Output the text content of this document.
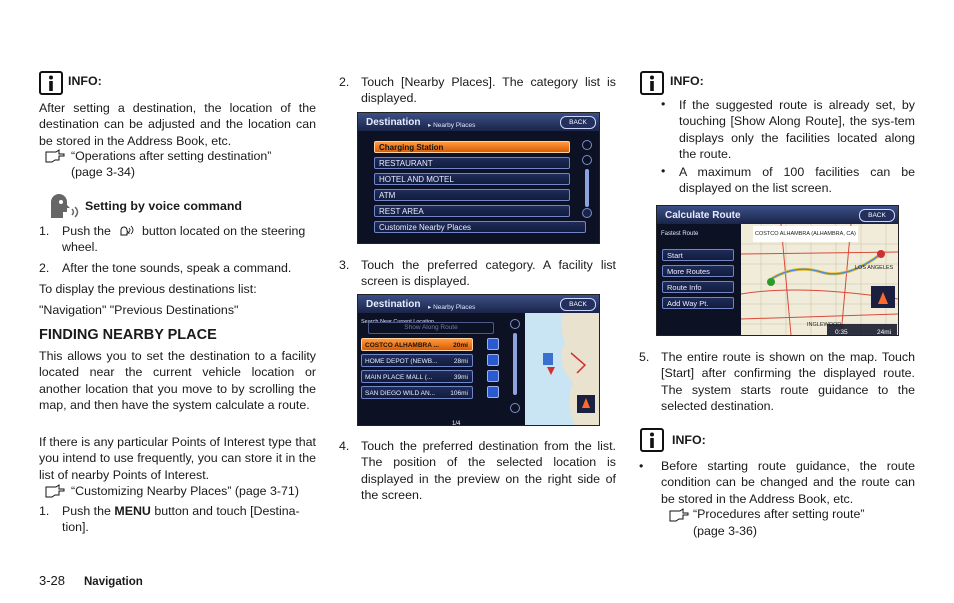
INFO:

After setting a destination, the location of the destination can be adjusted and the location can be stored in the Address Book, etc.

“Operations after setting destination”
(page 3-34)
Setting by voice command
1. Push the	button located on the steering
wheel.
2. After the tone sounds, speak a command.
To display the previous destinations list:
"Navigation" "Previous Destinations"
FINDING NEARBY PLACE

This allows you to set the destination to a facility located near the current vehicle location or another location that you move to by scrolling the map, and then have the system calculate a route.

If there is any particular Points of Interest type that you intend to use frequently, you can store it in the list of nearby Points of Interest.

“Customizing Nearby Places” (page 3-71)
1. Push the MENU button and touch [Destina-
tion].
2. Touch [Nearby Places]. The category list is displayed.

Destination ▸ Nearby Places	BACK
Charging Station
RESTAURANT
HOTEL AND MOTEL
ATM
REST AREA
Customize Nearby Places
3. Touch the preferred category. A facility list screen is displayed.

Destination ▸ Nearby Places	BACK
Search Near Current Location
Show Along Route
COSTCO ALHAMBRA ... 20mi
HOME DEPOT (NEWB...	28mi
MAIN PLACE MALL (...	39mi
SAN DIEGO WILD AN... 106mi
1/4
4. Touch the preferred destination from the list. The position of the selected location is displayed in the preview on the right side of the screen.

INFO:
• If the suggested route is already set, by touching [Show Along Route], the sys-tem displays only the facilities located along the route.

• A maximum of 100 facilities can be displayed on the list screen.

Calculate Route	BACK
Fastest Route
Start
More Routes
Route Info
Add Way Pt.
COSTCO ALHAMBRA (ALHAMBRA, CA)
INGLEWOOD
LOS ANGELES
0:35	24mi
5. The entire route is shown on the map. Touch [Start] after confirming the displayed route. The system starts route guidance to the selected destination.

INFO:
• Before starting route guidance, the route condition can be changed and the route can be stored in the Address Book, etc.

“Procedures after setting route”
(page 3-36)
3-28 Navigation
